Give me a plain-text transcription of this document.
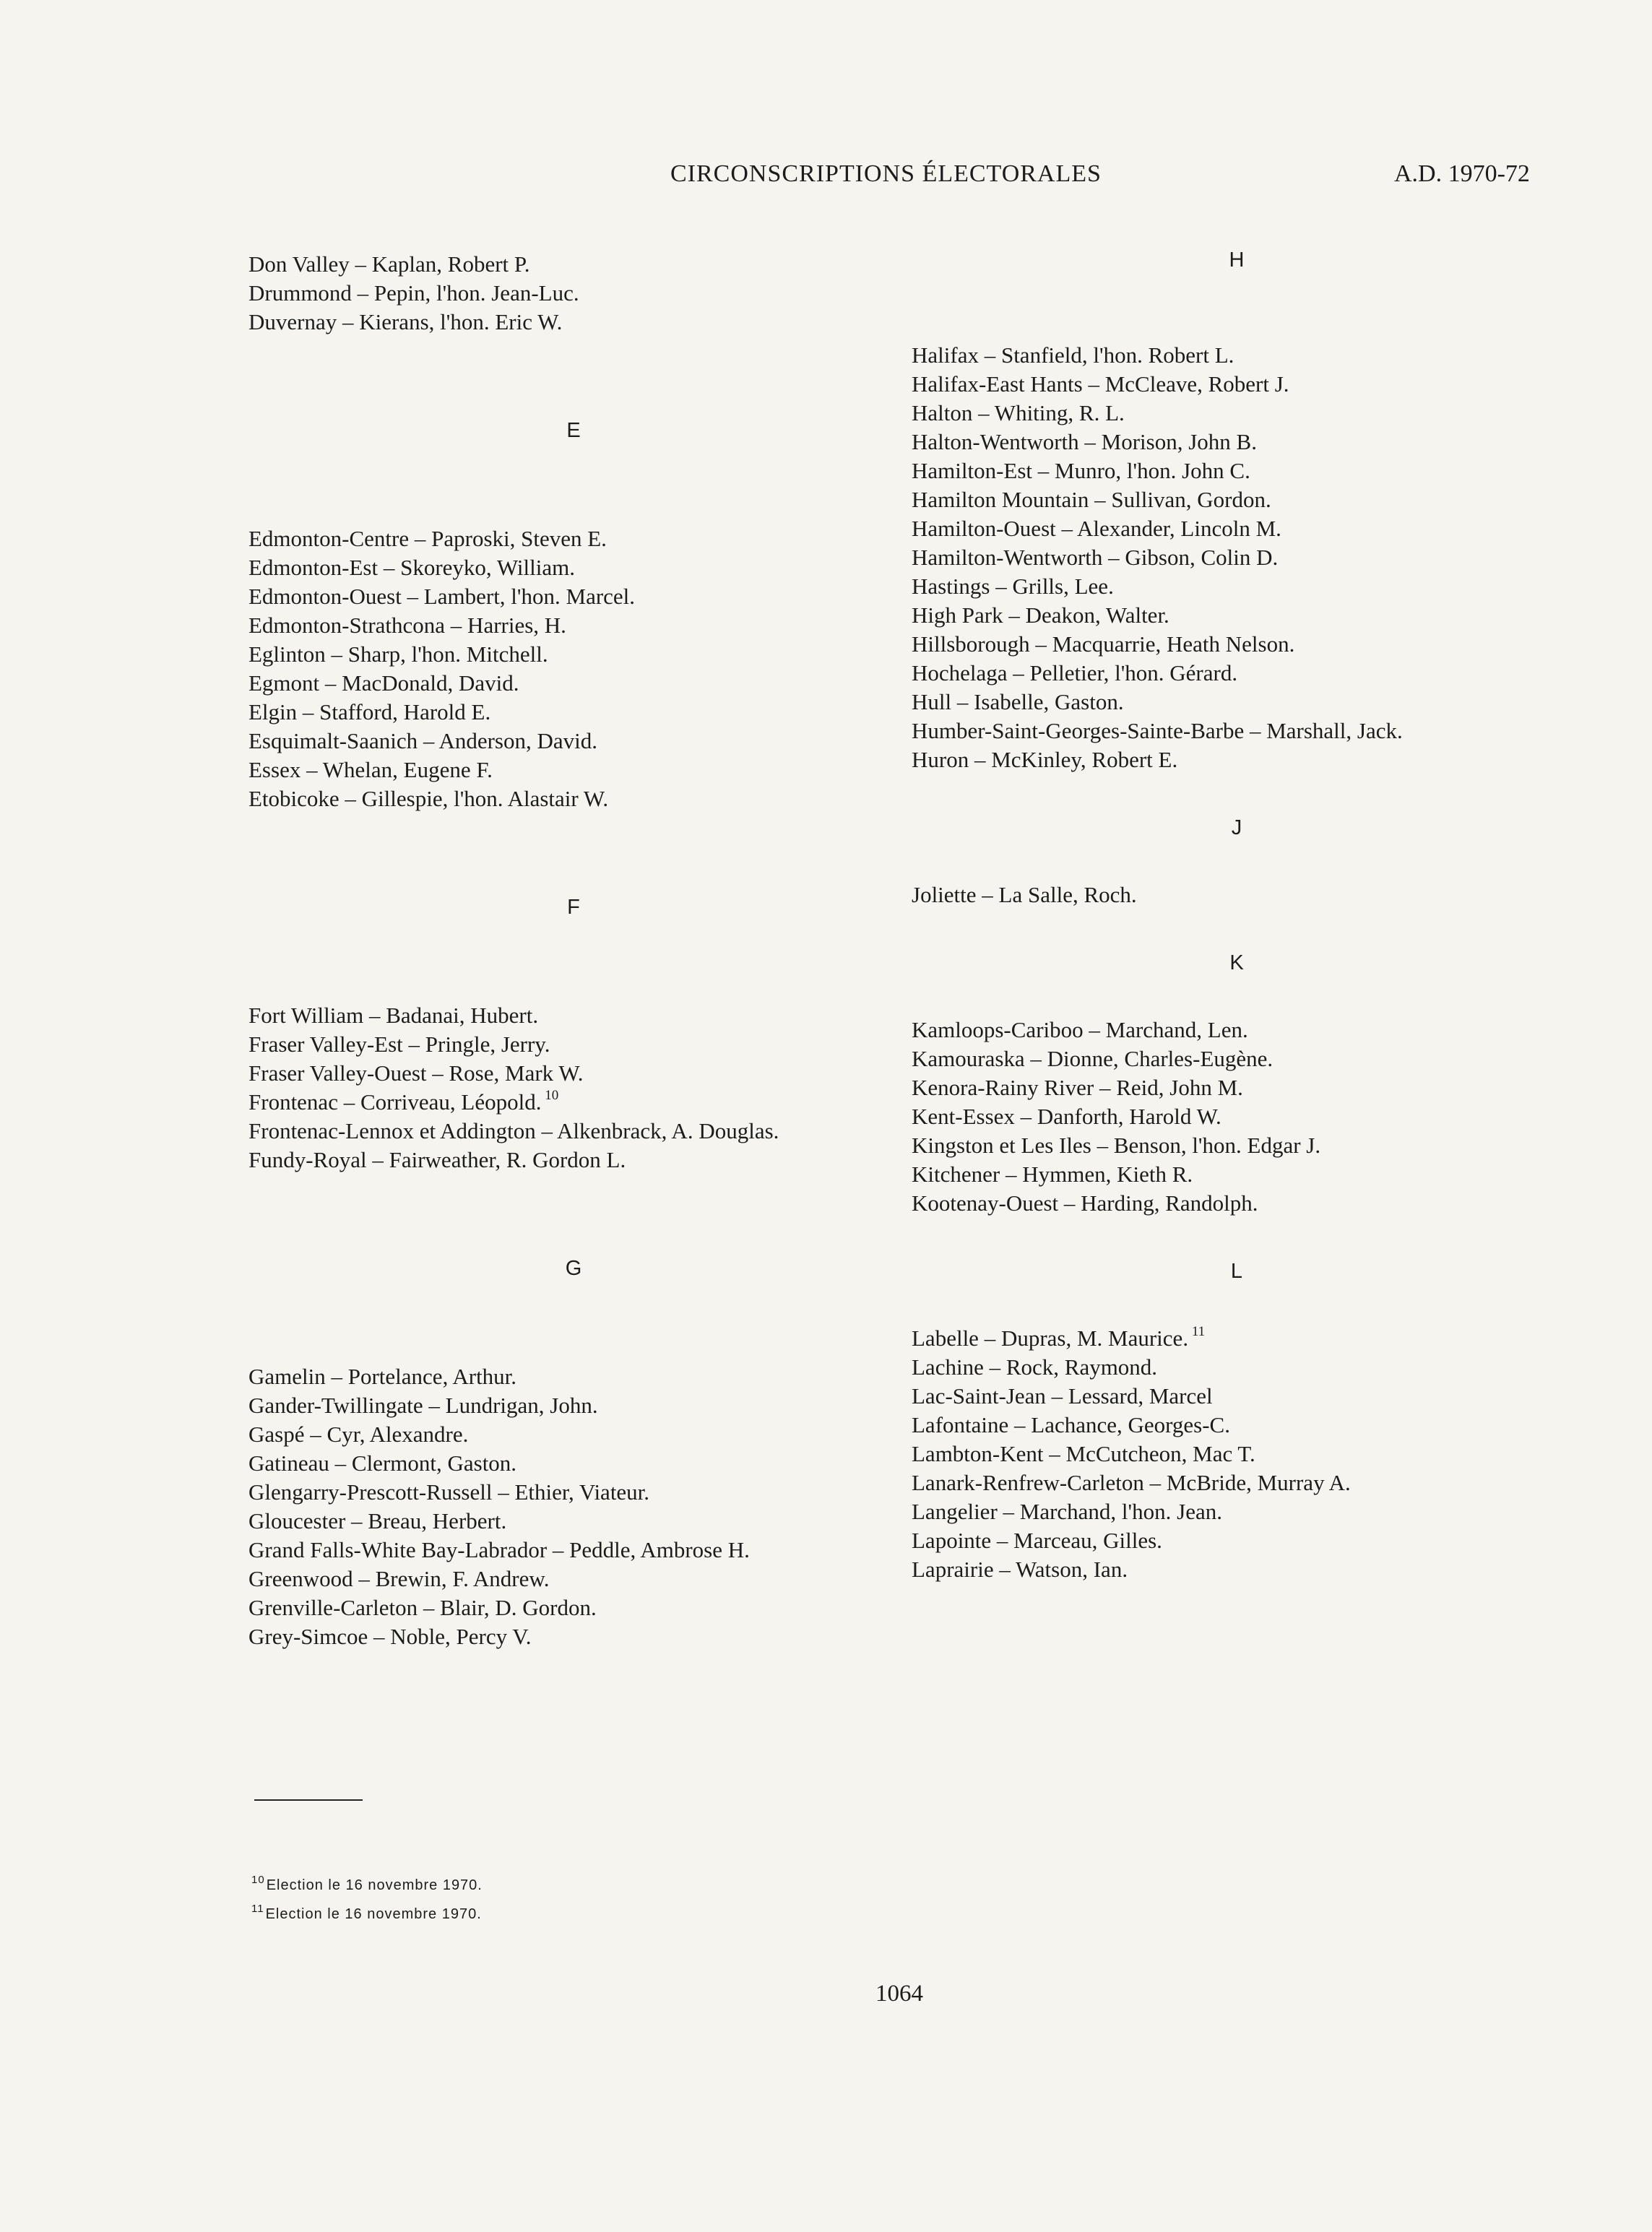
CIRCONSCRIPTIONS ÉLECTORALES	A.D. 1970-72
Don Valley – Kaplan, Robert P.
Drummond – Pepin, l'hon. Jean-Luc.
Duvernay – Kierans, l'hon. Eric W.
E
Edmonton-Centre – Paproski, Steven E.
Edmonton-Est – Skoreyko, William.
Edmonton-Ouest – Lambert, l'hon. Marcel.
Edmonton-Strathcona – Harries, H.
Eglinton – Sharp, l'hon. Mitchell.
Egmont – MacDonald, David.
Elgin – Stafford, Harold E.
Esquimalt-Saanich – Anderson, David.
Essex – Whelan, Eugene F.
Etobicoke – Gillespie, l'hon. Alastair W.
F
Fort William – Badanai, Hubert.
Fraser Valley-Est – Pringle, Jerry.
Fraser Valley-Ouest – Rose, Mark W.
Frontenac – Corriveau, Léopold. $^{10}$
Frontenac-Lennox et Addington – Alkenbrack, A. Douglas.
Fundy-Royal – Fairweather, R. Gordon L.
G
Gamelin – Portelance, Arthur.
Gander-Twillingate – Lundrigan, John.
Gaspé – Cyr, Alexandre.
Gatineau – Clermont, Gaston.
Glengarry-Prescott-Russell – Ethier, Viateur.
Gloucester – Breau, Herbert.
Grand Falls-White Bay-Labrador – Peddle, Ambrose H.
Greenwood – Brewin, F. Andrew.
Grenville-Carleton – Blair, D. Gordon.
Grey-Simcoe – Noble, Percy V.
H
Halifax – Stanfield, l'hon. Robert L.
Halifax-East Hants – McCleave, Robert J.
Halton – Whiting, R. L.
Halton-Wentworth – Morison, John B.
Hamilton-Est – Munro, l'hon. John C.
Hamilton Mountain – Sullivan, Gordon.
Hamilton-Ouest – Alexander, Lincoln M.
Hamilton-Wentworth – Gibson, Colin D.
Hastings – Grills, Lee.
High Park – Deakon, Walter.
Hillsborough – Macquarrie, Heath Nelson.
Hochelaga – Pelletier, l'hon. Gérard.
Hull – Isabelle, Gaston.
Humber-Saint-Georges-Sainte-Barbe – Marshall, Jack.
Huron – McKinley, Robert E.
J
Joliette – La Salle, Roch.
K
Kamloops-Cariboo – Marchand, Len.
Kamouraska – Dionne, Charles-Eugène.
Kenora-Rainy River – Reid, John M.
Kent-Essex – Danforth, Harold W.
Kingston et Les Iles – Benson, l'hon. Edgar J.
Kitchener – Hymmen, Kieth R.
Kootenay-Ouest – Harding, Randolph.
L
Labelle – Dupras, M. Maurice. $^{11}$
Lachine – Rock, Raymond.
Lac-Saint-Jean – Lessard, Marcel
Lafontaine – Lachance, Georges-C.
Lambton-Kent – McCutcheon, Mac T.
Lanark-Renfrew-Carleton – McBride, Murray A.
Langelier – Marchand, l'hon. Jean.
Lapointe – Marceau, Gilles.
Laprairie – Watson, Ian.
$^{10}$ Election le 16 novembre 1970.
$^{11}$ Election le 16 novembre 1970.
1064
